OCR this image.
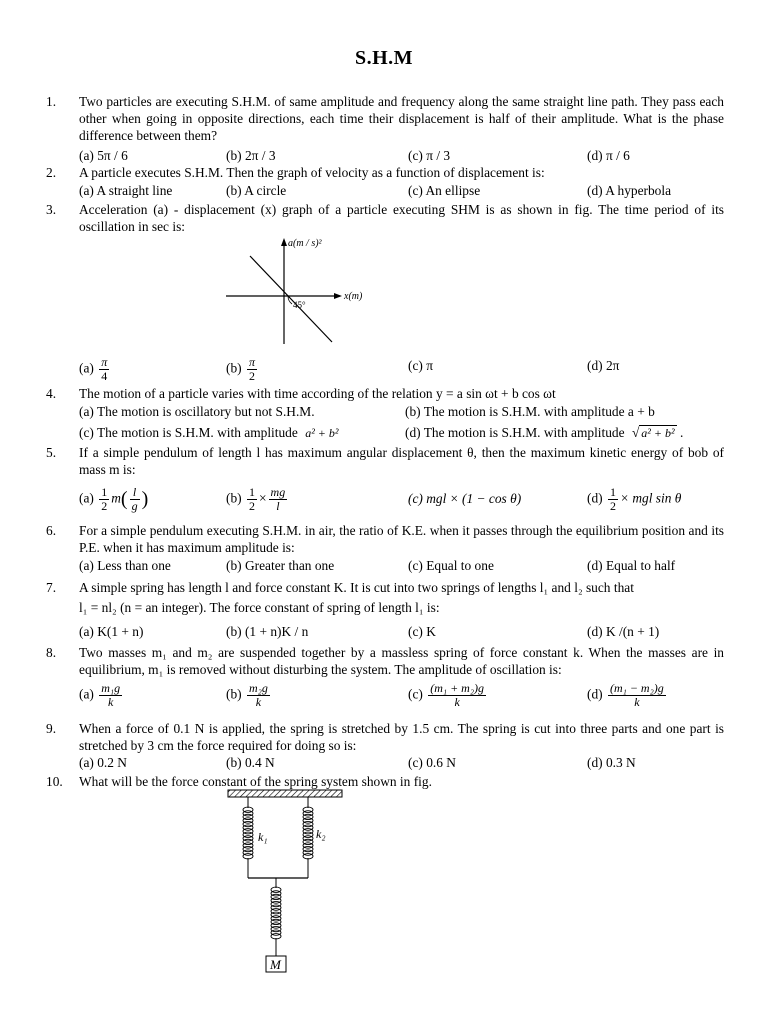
S.H.M
1.	Two particles are executing S.H.M. of same amplitude and frequency along the same straight line path. They pass each other when going in opposite directions, each time their displacement is half of their amplitude. What is the phase difference between them?
(a) 5π / 6	(b) 2π / 3	(c) π / 3	(d) π / 6
2.	A particle executes S.H.M. Then the graph of velocity as a function of displacement is:
(a) A straight line	(b) A circle	(c) An ellipse	(d) A hyperbola
3.	Acceleration (a) - displacement (x) graph of a particle executing SHM is as shown in fig. The time period of its oscillation in sec is:
a(m / s)²
x(m)
45°
$(a) \frac{\pi}{4}$	$(b) \frac{\pi}{2}$	(c) π	(d) 2π
4.	The motion of a particle varies with time according of the relation y = a sin ωt + b cos ωt
(a) The motion is oscillatory but not S.H.M.	(b) The motion is S.H.M. with amplitude a + b
(c) The motion is S.H.M. with amplitude a² + b²	(d) The motion is S.H.M. with amplitude √ a² + b² .
5.	If a simple pendulum of length l has maximum angular displacement θ, then the maximum kinetic energy of bob of mass m is:
$(a) \frac{1}{2} m( \frac{l}{g}$ )	$(b) \frac{1}{2} \times \frac{mg}{l}$	(c) mgl × (1 − cos θ)	$(d) \frac{1}{2}$ × mgl sin θ
6.	For a simple pendulum executing S.H.M. in air, the ratio of K.E. when it passes through the equilibrium position and its P.E. when it has maximum amplitude is:
(a) Less than one	(b) Greater than one	(c) Equal to one	(d) Equal to half
7.	A simple spring has length l and force constant K. It is cut into two springs of lengths l₁ and l₂ such that
l₁ = nl₂ (n = an integer). The force constant of spring of length l₁ is:
(a) K(1 + n)	(b) (1 + n)K / n	(c) K	(d) K /(n + 1)
8.	Two masses m₁ and m₂ are suspended together by a massless spring of force constant k. When the masses are in equilibrium, m₁ is removed without disturbing the system. The amplitude of oscillation is:
$(a) \frac{\text{m₁g}}{k}$	$(b) \frac{\text{m₂g}}{k}$	$(c) \frac{\text{(m₁ + m₂)g}}{k}$	$(d) \frac{\text{(m₁ − m₂)g}}{k}$
9.	When a force of 0.1 N is applied, the spring is stretched by 1.5 cm. The spring is cut into three parts and one part is stretched by 3 cm the force required for doing so is:
(a) 0.2 N	(b) 0.4 N	(c) 0.6 N	(d) 0.3 N
10.	What will be the force constant of the spring system shown in fig.
M
k₁	k₂
